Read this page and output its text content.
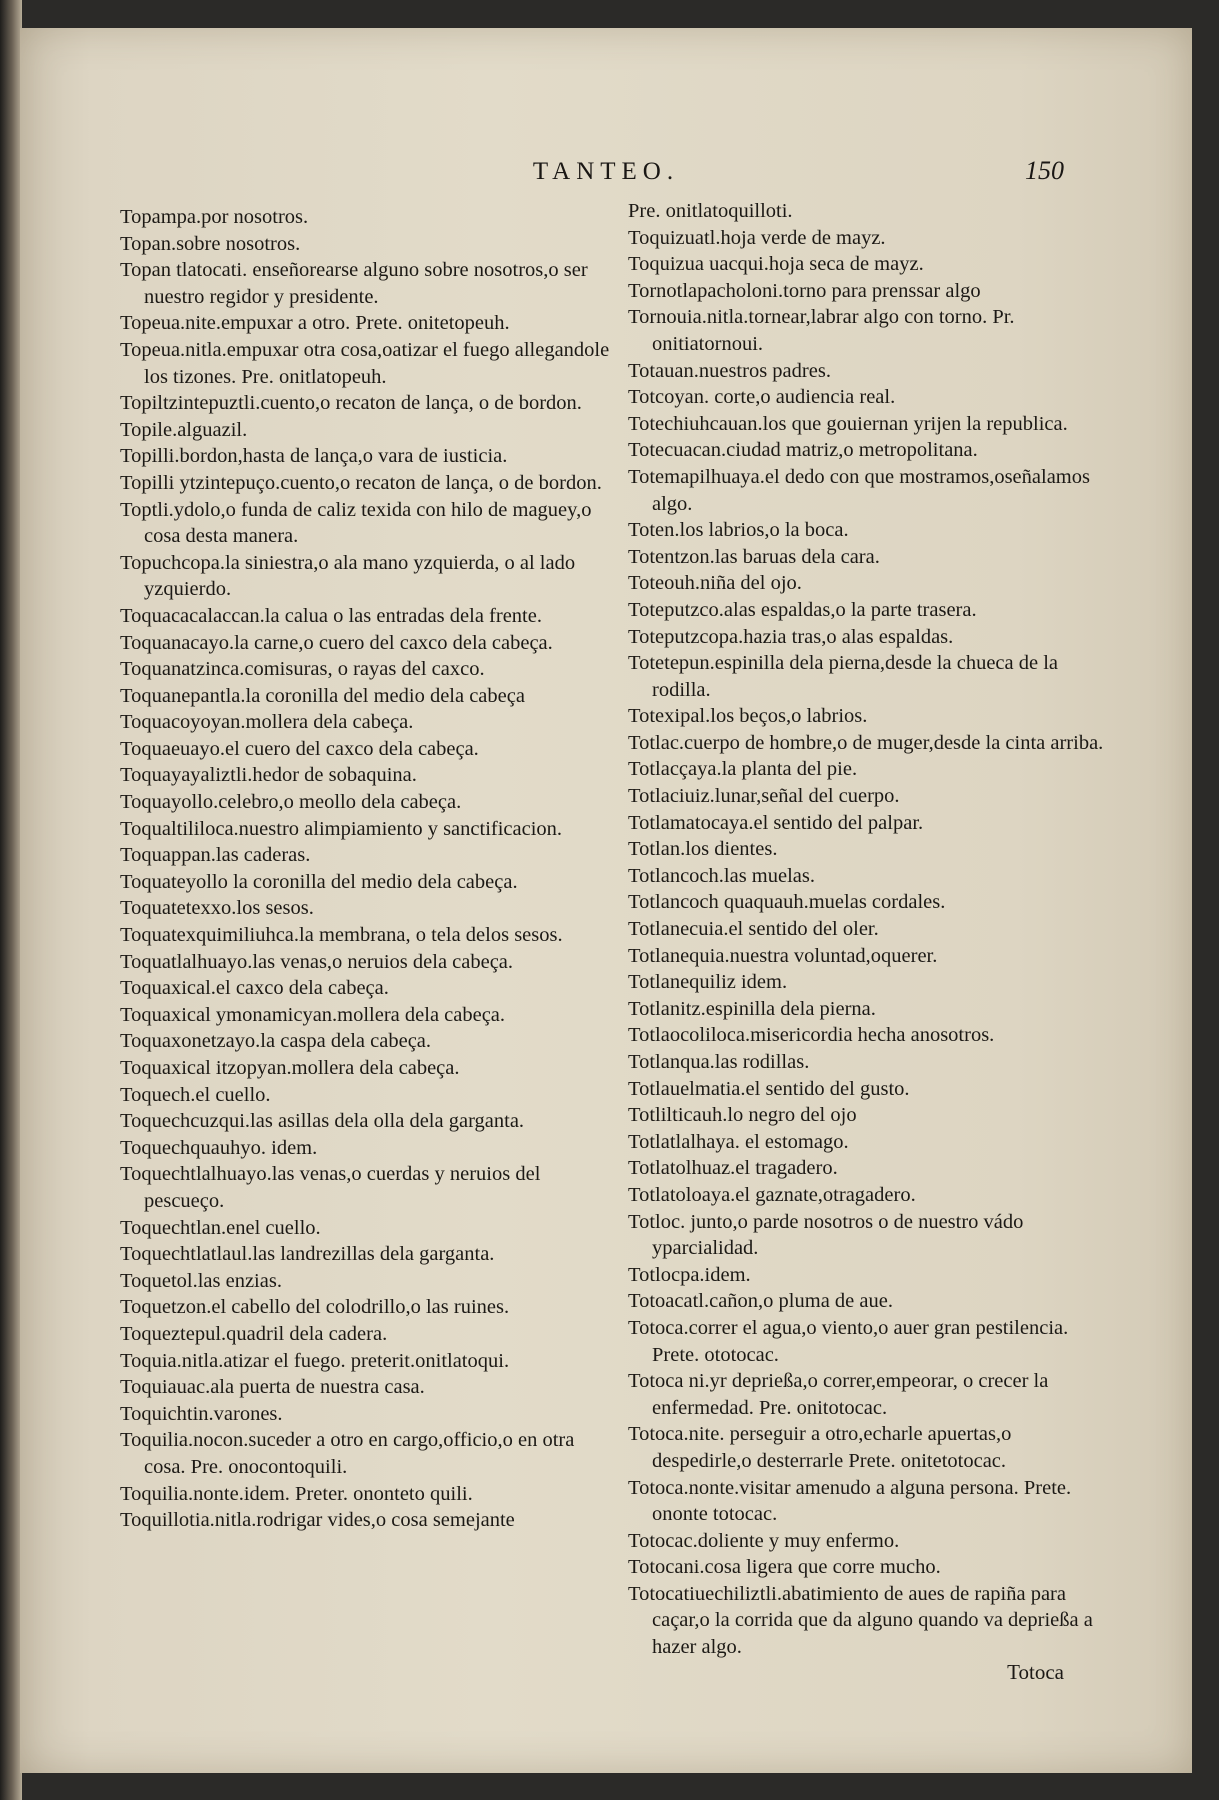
TANTEO.	150

Topampa.por nosotros.

Topan.sobre nosotros.

Topan tlatocati. enseñorearse alguno sobre nosotros,o ser nuestro regidor y presidente.

Topeua.nite.empuxar a otro. Prete. onitetopeuh.

Topeua.nitla.empuxar otra cosa,oatizar el fuego allegandole los tizones. Pre. onitlatopeuh.

Topiltzintepuztli.cuento,o recaton de lança, o de bordon.

Topile.alguazil.

Topilli.bordon,hasta de lança,o vara de iusticia.

Topilli ytzintepuço.cuento,o recaton de lança, o de bordon.

Toptli.ydolo,o funda de caliz texida con hilo de maguey,o cosa desta manera.

Topuchcopa.la siniestra,o ala mano yzquierda, o al lado yzquierdo.

Toquacacalaccan.la calua o las entradas dela frente.

Toquanacayo.la carne,o cuero del caxco dela cabeça.

Toquanatzinca.comisuras, o rayas del caxco.

Toquanepantla.la coronilla del medio dela cabeça

Toquacoyoyan.mollera dela cabeça.

Toquaeuayo.el cuero del caxco dela cabeça.

Toquayayaliztli.hedor de sobaquina.

Toquayollo.celebro,o meollo dela cabeça.

Toqualtililoca.nuestro alimpiamiento y sanctificacion.

Toquappan.las caderas.

Toquateyollo la coronilla del medio dela cabeça.

Toquatetexxo.los sesos.

Toquatexquimiliuhca.la membrana, o tela delos sesos.

Toquatlalhuayo.las venas,o neruios dela cabeça.

Toquaxical.el caxco dela cabeça.

Toquaxical ymonamicyan.mollera dela cabeça.

Toquaxonetzayo.la caspa dela cabeça.

Toquaxical itzopyan.mollera dela cabeça.

Toquech.el cuello.

Toquechcuzqui.las asillas dela olla dela garganta.

Toquechquauhyo. idem.

Toquechtlalhuayo.las venas,o cuerdas y neruios del pescueço.

Toquechtlan.enel cuello.

Toquechtlatlaul.las landrezillas dela garganta.

Toquetol.las enzias.

Toquetzon.el cabello del colodrillo,o las ruines.

Toqueztepul.quadril dela cadera.

Toquia.nitla.atizar el fuego. preterit.onitlatoqui.

Toquiauac.ala puerta de nuestra casa.

Toquichtin.varones.

Toquilia.nocon.suceder a otro en cargo,officio,o en otra cosa. Pre. onocontoquili.

Toquilia.nonte.idem. Preter. ononteto quili.

Toquillotia.nitla.rodrigar vides,o cosa semejante

Pre. onitlatoquilloti.

Toquizuatl.hoja verde de mayz.

Toquizua uacqui.hoja seca de mayz.

Tornotlapacholoni.torno para prenssar algo

Tornouia.nitla.tornear,labrar algo con torno. Pr. onitiatornoui.

Totauan.nuestros padres.

Totcoyan. corte,o audiencia real.

Totechiuhcauan.los que gouiernan yrijen la republica.

Totecuacan.ciudad matriz,o metropolitana.

Totemapilhuaya.el dedo con que mostramos,oseñalamos algo.

Toten.los labrios,o la boca.

Totentzon.las baruas dela cara.

Toteouh.niña del ojo.

Toteputzco.alas espaldas,o la parte trasera.

Toteputzcopa.hazia tras,o alas espaldas.

Totetepun.espinilla dela pierna,desde la chueca de la rodilla.

Totexipal.los beços,o labrios.

Totlac.cuerpo de hombre,o de muger,desde la cinta arriba.

Totlacçaya.la planta del pie.

Totlaciuiz.lunar,señal del cuerpo.

Totlamatocaya.el sentido del palpar.

Totlan.los dientes.

Totlancoch.las muelas.

Totlancoch quaquauh.muelas cordales.

Totlanecuia.el sentido del oler.

Totlanequia.nuestra voluntad,oquerer.

Totlanequiliz idem.

Totlanitz.espinilla dela pierna.

Totlaocoliloca.misericordia hecha anosotros.

Totlanqua.las rodillas.

Totlauelmatia.el sentido del gusto.

Totlilticauh.lo negro del ojo

Totlatlalhaya. el estomago.

Totlatolhuaz.el tragadero.

Totlatoloaya.el gaznate,otragadero.

Totloc. junto,o parde nosotros o de nuestro vádo yparcialidad.

Totlocpa.idem.

Totoacatl.cañon,o pluma de aue.

Totoca.correr el agua,o viento,o auer gran pestilencia. Prete. ototocac.

Totoca ni.yr deprießa,o correr,empeorar, o crecer la enfermedad. Pre. onitotocac.

Totoca.nite. perseguir a otro,echarle apuertas,o despedirle,o desterrarle Prete. onitetotocac.

Totoca.nonte.visitar amenudo a alguna persona. Prete. ononte totocac.

Totocac.doliente y muy enfermo.

Totocani.cosa ligera que corre mucho.

Totocatiuechiliztli.abatimiento de aues de rapiña para caçar,o la corrida que da alguno quando va deprießa a hazer algo.

Totoca
